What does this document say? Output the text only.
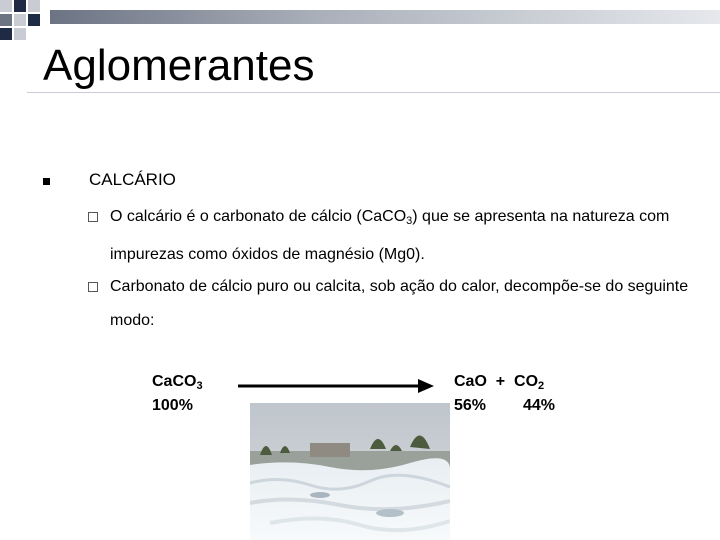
Aglomerantes
CALCÁRIO
O calcário é o carbonato de cálcio (CaCO$_3$) que se apresenta na natureza com impurezas como óxidos de magnésio (Mg0).
Carbonato de cálcio puro ou calcita, sob ação do calor, decompõe-se do seguinte modo:
CaCO$_3$
100%
CaO + $CO_2$
56% 44%
